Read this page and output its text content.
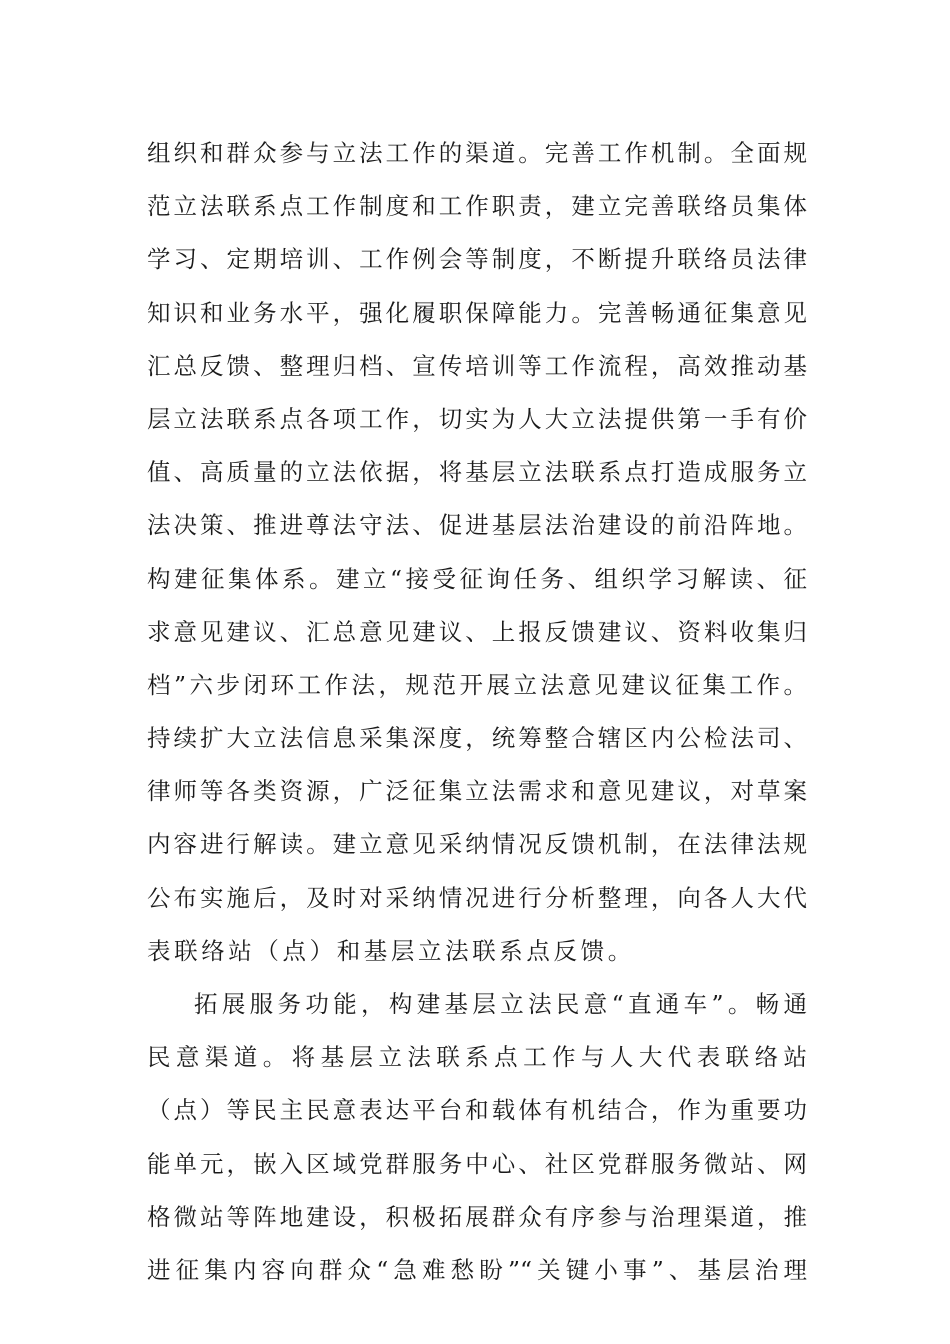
组织和群众参与立法工作的渠道。完善工作机制。全面规
范立法联系点工作制度和工作职责，建立完善联络员集体
学习、定期培训、工作例会等制度，不断提升联络员法律
知识和业务水平，强化履职保障能力。完善畅通征集意见
汇总反馈、整理归档、宣传培训等工作流程，高效推动基
层立法联系点各项工作，切实为人大立法提供第一手有价
值、高质量的立法依据，将基层立法联系点打造成服务立
法决策、推进尊法守法、促进基层法治建设的前沿阵地。
构建征集体系。建立“接受征询任务、组织学习解读、征
求意见建议、汇总意见建议、上报反馈建议、资料收集归
档”六步闭环工作法，规范开展立法意见建议征集工作。
持续扩大立法信息采集深度，统筹整合辖区内公检法司、
律师等各类资源，广泛征集立法需求和意见建议，对草案
内容进行解读。建立意见采纳情况反馈机制，在法律法规
公布实施后，及时对采纳情况进行分析整理，向各人大代
表联络站（点）和基层立法联系点反馈。
拓展服务功能，构建基层立法民意“直通车”。畅通
民意渠道。将基层立法联系点工作与人大代表联络站
（点）等民主民意表达平台和载体有机结合，作为重要功
能单元，嵌入区域党群服务中心、社区党群服务微站、网
格微站等阵地建设，积极拓展群众有序参与治理渠道，推
进征集内容向群众“急难愁盼”“关键小事”、基层治理
